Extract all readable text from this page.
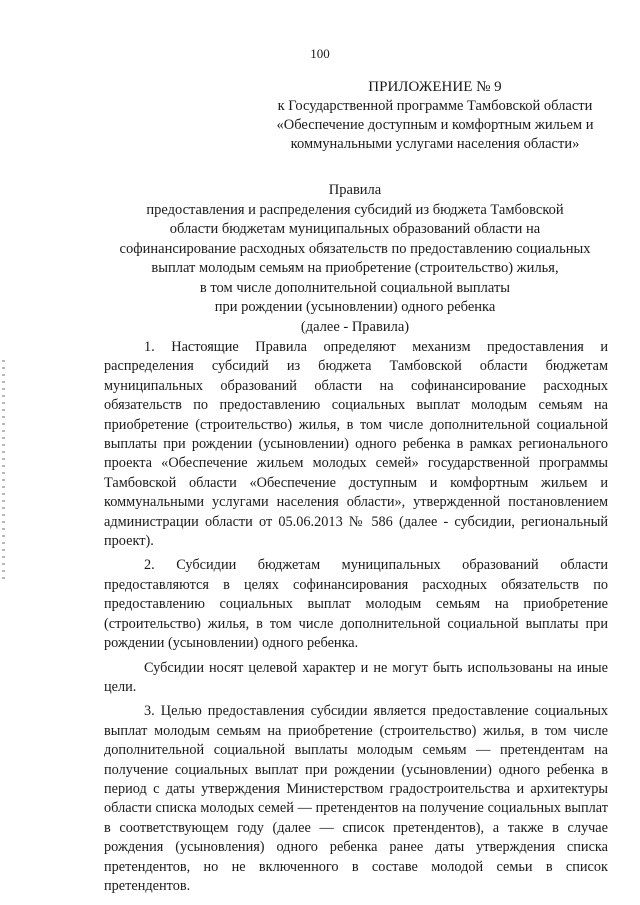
100
ПРИЛОЖЕНИЕ № 9
к Государственной программе Тамбовской области
«Обеспечение доступным и комфортным жильем и
коммунальными услугами населения области»
Правила
предоставления и распределения субсидий из бюджета Тамбовской
области бюджетам муниципальных образований области на
софинансирование расходных обязательств по предоставлению социальных
выплат молодым семьям на приобретение (строительство) жилья,
в том числе дополнительной социальной выплаты
при рождении (усыновлении) одного ребенка
(далее - Правила)

1. Настоящие Правила определяют механизм предоставления и распределения субсидий из бюджета Тамбовской области бюджетам муниципальных образований области на софинансирование расходных обязательств по предоставлению социальных выплат молодым семьям на приобретение (строительство) жилья, в том числе дополнительной социальной выплаты при рождении (усыновлении) одного ребенка в рамках регионального проекта «Обеспечение жильем молодых семей» государственной программы Тамбовской области «Обеспечение доступным и комфортным жильем и коммунальными услугами населения области», утвержденной постановлением администрации области от 05.06.2013 № 586 (далее - субсидии, региональный проект).

2. Субсидии бюджетам муниципальных образований области предоставляются в целях софинансирования расходных обязательств по предоставлению социальных выплат молодым семьям на приобретение (строительство) жилья, в том числе дополнительной социальной выплаты при рождении (усыновлении) одного ребенка.

Субсидии носят целевой характер и не могут быть использованы на иные цели.

3. Целью предоставления субсидии является предоставление социальных выплат молодым семьям на приобретение (строительство) жилья, в том числе дополнительной социальной выплаты молодым семьям — претендентам на получение социальных выплат при рождении (усыновлении) одного ребенка в период с даты утверждения Министерством градостроительства и архитектуры области списка молодых семей — претендентов на получение социальных выплат в соответствующем году (далее — список претендентов), а также в случае рождения (усыновления) одного ребенка ранее даты утверждения списка претендентов, но не включенного в составе молодой семьи в список претендентов.
